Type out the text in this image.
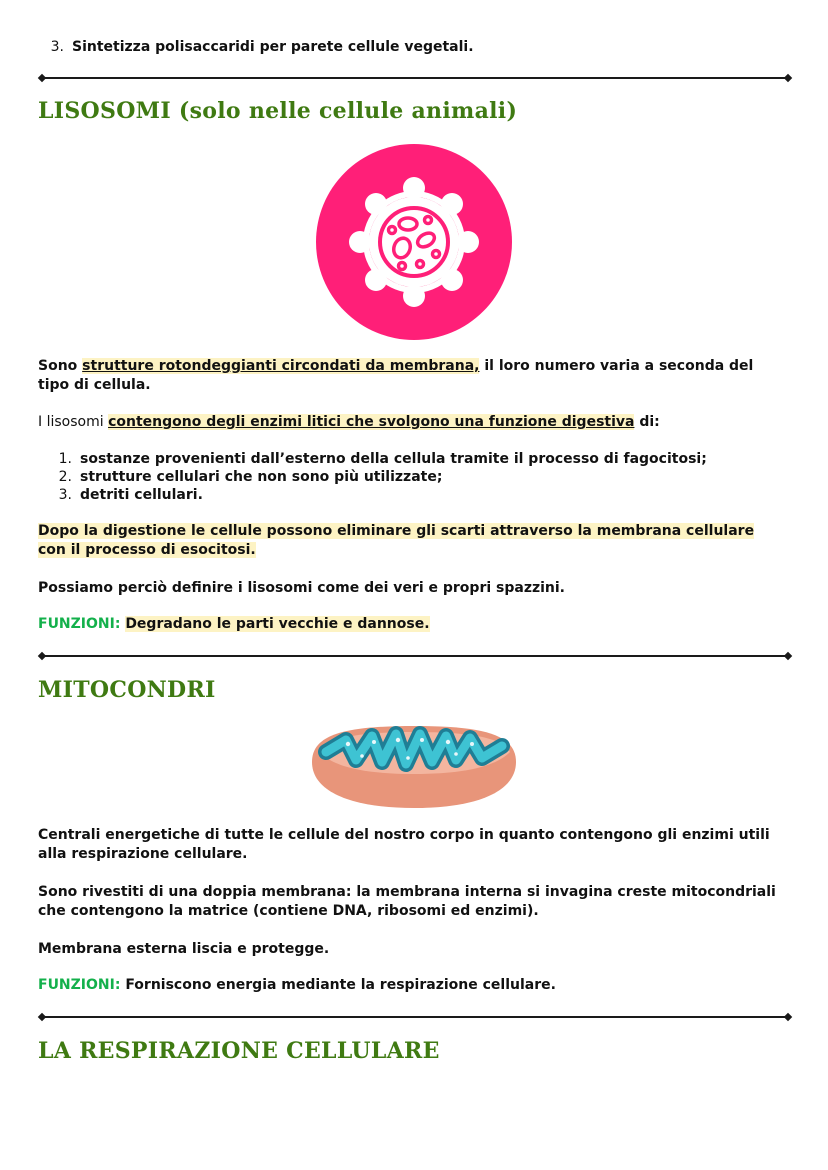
3. Sintetizza polisaccaridi per parete cellule vegetali.
LISOSOMI (solo nelle cellule animali)
Sono strutture rotondeggianti circondati da membrana, il loro numero varia a seconda del tipo di cellula.
I lisosomi contengono degli enzimi litici che svolgono una funzione digestiva di:
1. sostanze provenienti dall’esterno della cellula tramite il processo di fagocitosi;
2. strutture cellulari che non sono più utilizzate;
3. detriti cellulari.
Dopo la digestione le cellule possono eliminare gli scarti attraverso la membrana cellulare con il processo di esocitosi.
Possiamo perciò definire i lisosomi come dei veri e propri spazzini.
FUNZIONI: Degradano le parti vecchie e dannose.
MITOCONDRI
Centrali energetiche di tutte le cellule del nostro corpo in quanto contengono gli enzimi utili alla respirazione cellulare.
Sono rivestiti di una doppia membrana: la membrana interna si invagina creste mitocondriali che contengono la matrice (contiene DNA, ribosomi ed enzimi).
Membrana esterna liscia e protegge.
FUNZIONI: Forniscono energia mediante la respirazione cellulare.
LA RESPIRAZIONE CELLULARE
